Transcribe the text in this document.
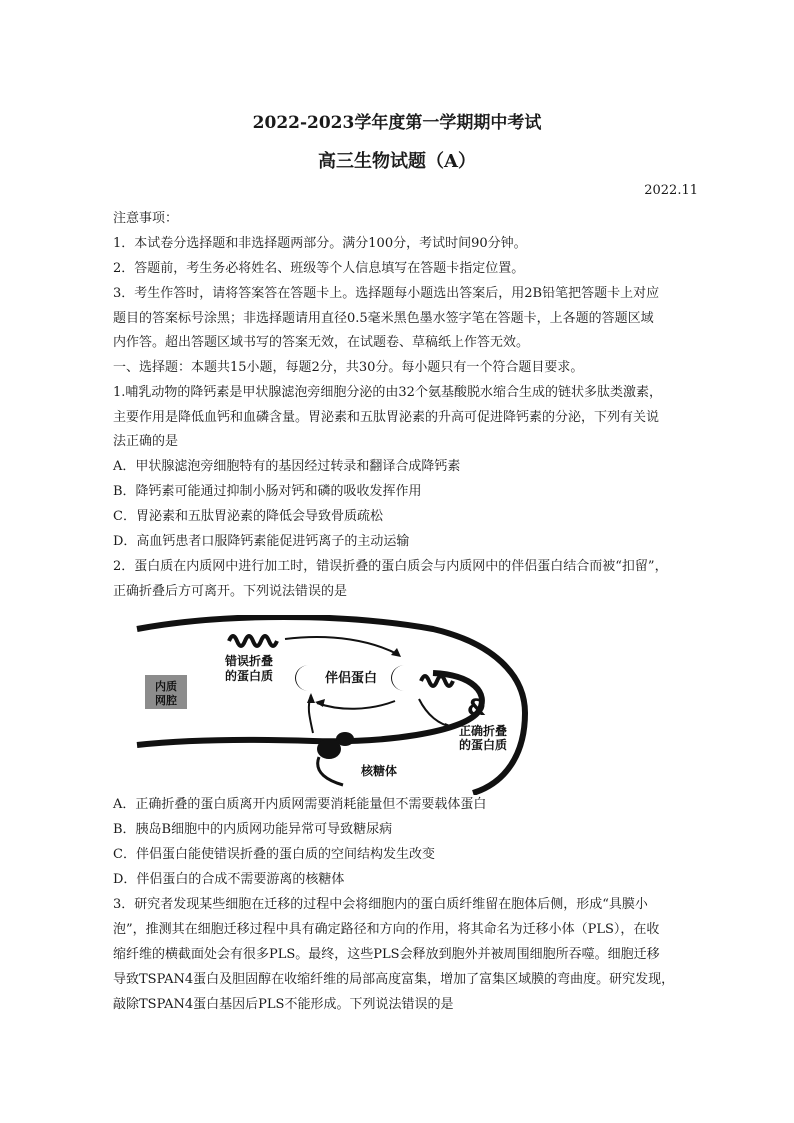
2022-2023学年度第一学期期中考试
高三生物试题（A）
2022.11
注意事项：
1．本试卷分选择题和非选择题两部分。满分100分，考试时间90分钟。
2．答题前，考生务必将姓名、班级等个人信息填写在答题卡指定位置。
3．考生作答时，请将答案答在答题卡上。选择题每小题选出答案后，用2B铅笔把答题卡上对应
题目的答案标号涂黑；非选择题请用直径0.5毫米黑色墨水签字笔在答题卡，上各题的答题区域
内作答。超出答题区域书写的答案无效，在试题卷、草稿纸上作答无效。
一、选择题：本题共15小题，每题2分，共30分。每小题只有一个符合题目要求。
1.哺乳动物的降钙素是甲状腺滤泡旁细胞分泌的由32个氨基酸脱水缩合生成的链状多肽类激素，
主要作用是降低血钙和血磷含量。胃泌素和五肽胃泌素的升高可促进降钙素的分泌，下列有关说
法正确的是
A．甲状腺滤泡旁细胞特有的基因经过转录和翻译合成降钙素
B．降钙素可能通过抑制小肠对钙和磷的吸收发挥作用
C．胃泌素和五肽胃泌素的降低会导致骨质疏松
D．高血钙患者口服降钙素能促进钙离子的主动运输
2．蛋白质在内质网中进行加工时，错误折叠的蛋白质会与内质网中的伴侣蛋白结合而被“扣留”，
正确折叠后方可离开。下列说法错误的是
内质
网腔
错误折叠
的蛋白质	伴侣蛋白
&
正确折叠
的蛋白质
核糖体
A．正确折叠的蛋白质离开内质网需要消耗能量但不需要载体蛋白
B．胰岛B细胞中的内质网功能异常可导致糖尿病
C．伴侣蛋白能使错误折叠的蛋白质的空间结构发生改变
D．伴侣蛋白的合成不需要游离的核糖体
3．研究者发现某些细胞在迁移的过程中会将细胞内的蛋白质纤维留在胞体后侧，形成“具膜小
泡”，推测其在细胞迁移过程中具有确定路径和方向的作用，将其命名为迁移小体（PLS），在收
缩纤维的横截面处会有很多PLS。最终，这些PLS会释放到胞外并被周围细胞所吞噬。细胞迁移
导致TSPAN4蛋白及胆固醇在收缩纤维的局部高度富集，增加了富集区域膜的弯曲度。研究发现，
敲除TSPAN4蛋白基因后PLS不能形成。下列说法错误的是
